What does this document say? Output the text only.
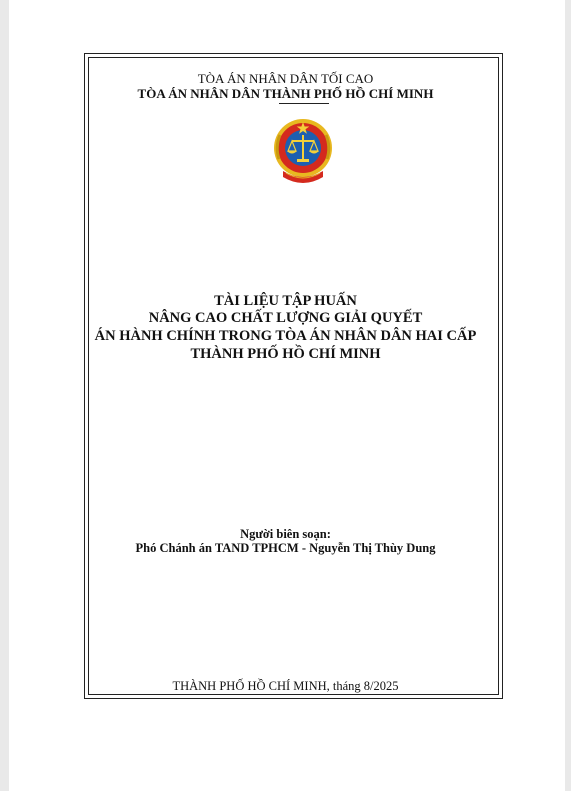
TÒA ÁN NHÂN DÂN TỐI CAO
TÒA ÁN NHÂN DÂN THÀNH PHỐ HỒ CHÍ MINH
TÀI LIỆU TẬP HUẤN
NÂNG CAO CHẤT LƯỢNG GIẢI QUYẾT
ÁN HÀNH CHÍNH TRONG TÒA ÁN NHÂN DÂN HAI CẤP
THÀNH PHỐ HỒ CHÍ MINH
Người biên soạn:
Phó Chánh án TAND TPHCM - Nguyễn Thị Thùy Dung
THÀNH PHỐ HỒ CHÍ MINH, tháng 8/2025
